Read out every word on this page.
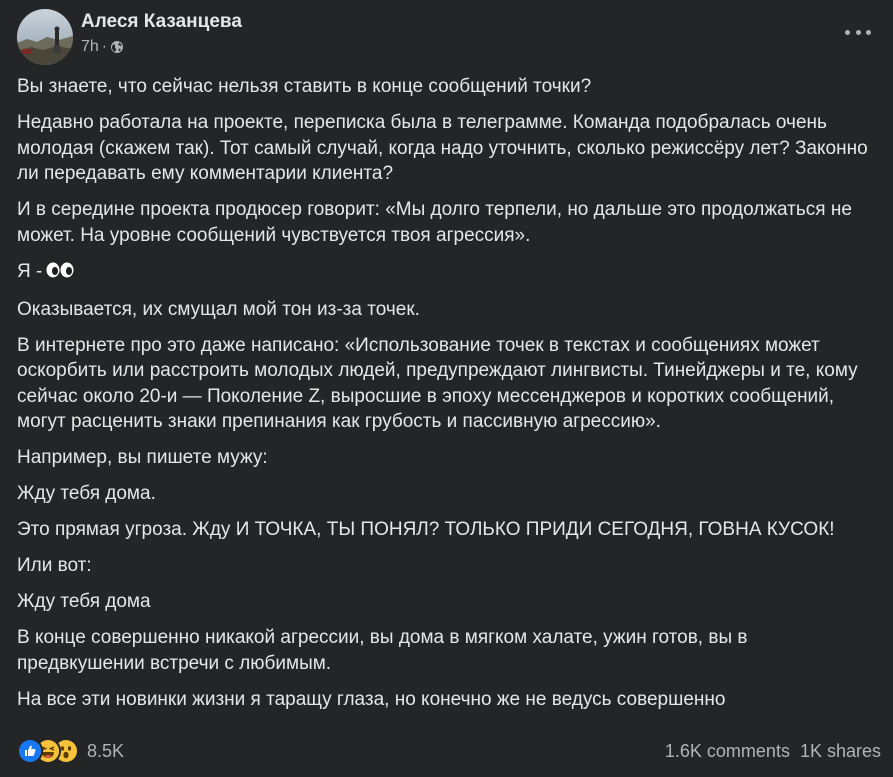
Алеся Казанцева
7h ·

Вы знаете, что сейчас нельзя ставить в конце сообщений точки?

Недавно работала на проекте, переписка была в телеграмме. Команда подобралась очень молодая (скажем так). Тот самый случай, когда надо уточнить, сколько режиссёру лет? Законно ли передавать ему комментарии клиента?

И в середине проекта продюсер говорит: «Мы долго терпели, но дальше это продолжаться не может. На уровне сообщений чувствуется твоя агрессия».

Я -

Оказывается, их смущал мой тон из-за точек.

В интернете про это даже написано: «Использование точек в текстах и сообщениях может оскорбить или расстроить молодых людей, предупреждают лингвисты. Тинейджеры и те, кому сейчас около 20-и — Поколение Z, выросшие в эпоху мессенджеров и коротких сообщений, могут расценить знаки препинания как грубость и пассивную агрессию».

Например, вы пишете мужу:

Жду тебя дома.

Это прямая угроза. Жду И ТОЧКА, ТЫ ПОНЯЛ? ТОЛЬКО ПРИДИ СЕГОДНЯ, ГОВНА КУСОК!

Или вот:

Жду тебя дома

В конце совершенно никакой агрессии, вы дома в мягком халате, ужин готов, вы в предвкушении встречи с любимым.

На все эти новинки жизни я таращу глаза, но конечно же не ведусь совершенно

8.5K	1.6K comments 1K shares
